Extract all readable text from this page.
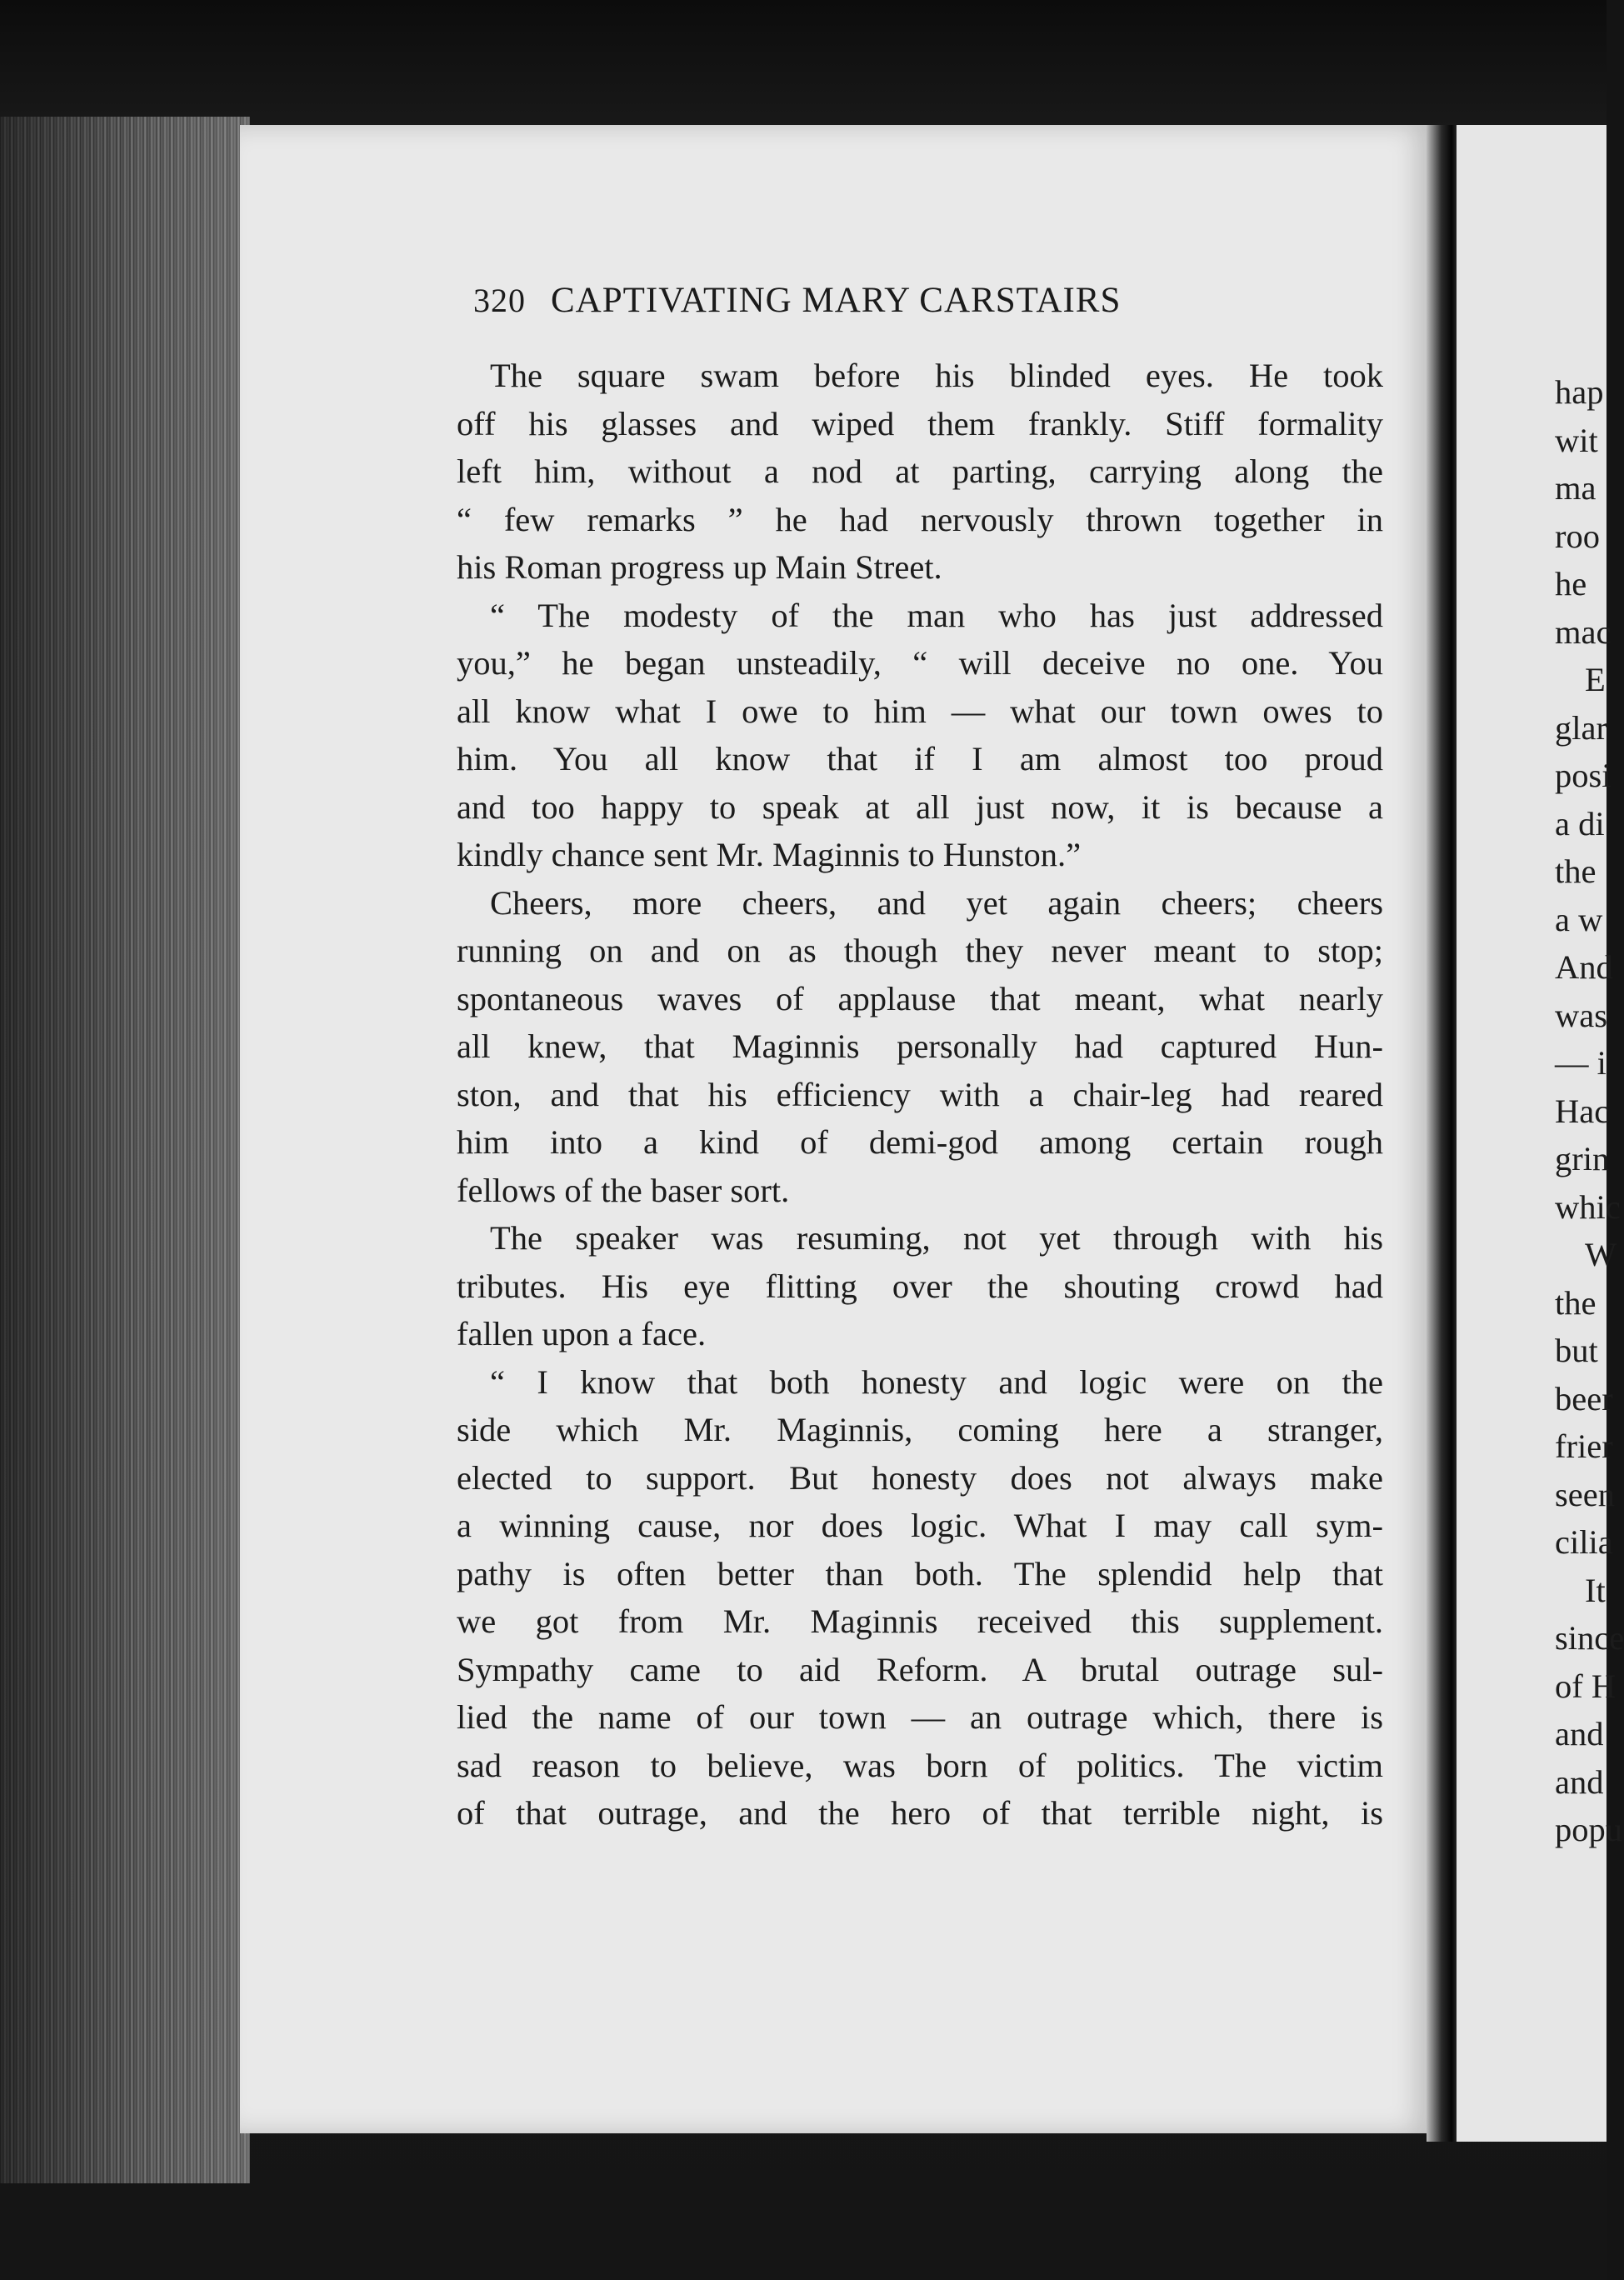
320 CAPTIVATING MARY CARSTAIRS
The square swam before his blinded eyes. He took
off his glasses and wiped them frankly. Stiff formality
left him, without a nod at parting, carrying along the
“ few remarks ” he had nervously thrown together in
his Roman progress up Main Street.
“ The modesty of the man who has just addressed
you,” he began unsteadily, “ will deceive no one. You
all know what I owe to him — what our town owes to
him. You all know that if I am almost too proud
and too happy to speak at all just now, it is because a
kindly chance sent Mr. Maginnis to Hunston.”
Cheers, more cheers, and yet again cheers; cheers
running on and on as though they never meant to stop;
spontaneous waves of applause that meant, what nearly
all knew, that Maginnis personally had captured Hun-
ston, and that his efficiency with a chair-leg had reared
him into a kind of demi-god among certain rough
fellows of the baser sort.
The speaker was resuming, not yet through with his
tributes. His eye flitting over the shouting crowd had
fallen upon a face.
“ I know that both honesty and logic were on the
side which Mr. Maginnis, coming here a stranger,
elected to support. But honesty does not always make
a winning cause, nor does logic. What I may call sym-
pathy is often better than both. The splendid help that
we got from Mr. Maginnis received this supplement.
Sympathy came to aid Reform. A brutal outrage sul-
lied the name of our town — an outrage which, there is
sad reason to believe, was born of politics. The victim
of that outrage, and the hero of that terrible night, is
hap
wit
ma
roo
he
mac
E
glar
posi
a di
the
a w
And
was
— i
Hac
grin
whic
W
the
but
beer
frier
seen
cilia
It
since
of H
and
and
popu
